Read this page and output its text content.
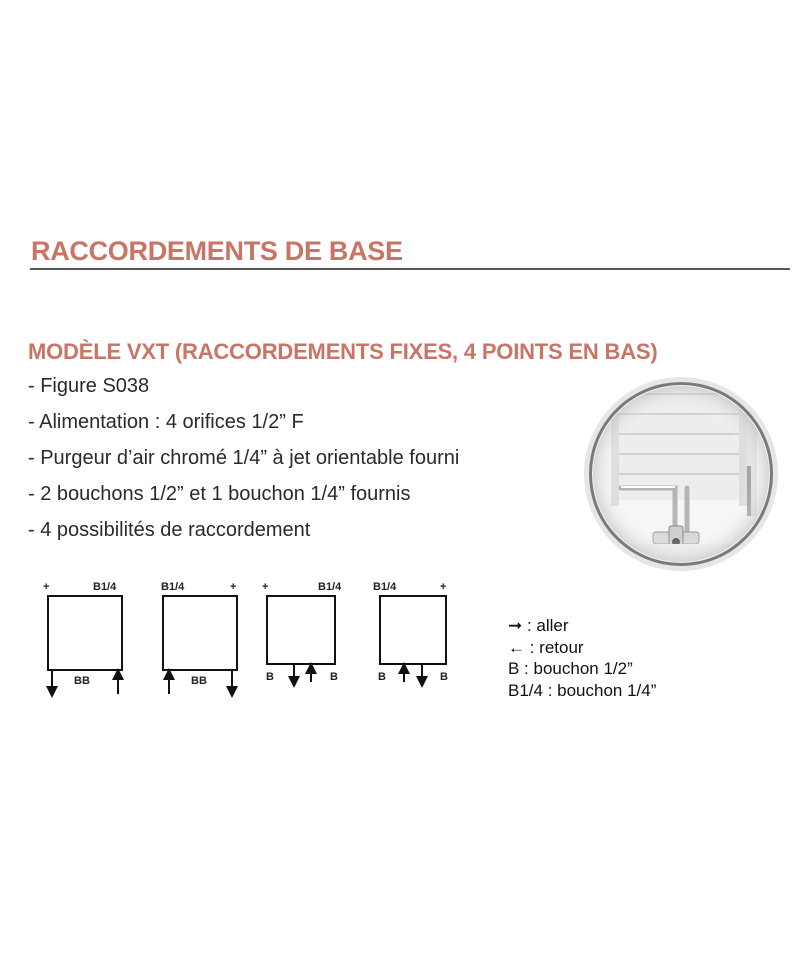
RACCORDEMENTS DE BASE
MODÈLE VXT (RACCORDEMENTS FIXES, 4 POINTS EN BAS)
- Figure S038
- Alimentation : 4 orifices 1/2” F
- Purgeur d’air chromé 1/4” à jet orientable fourni
- 2 bouchons 1/2” et 1 bouchon 1/4” fournis
- 4 possibilités de raccordement
+	B1/4
BB
B1/4	+
BB
+	B1/4
B	B
B1/4	+
B	B
➞ : aller
← : retour
B : bouchon 1/2”
B1/4 : bouchon 1/4”
